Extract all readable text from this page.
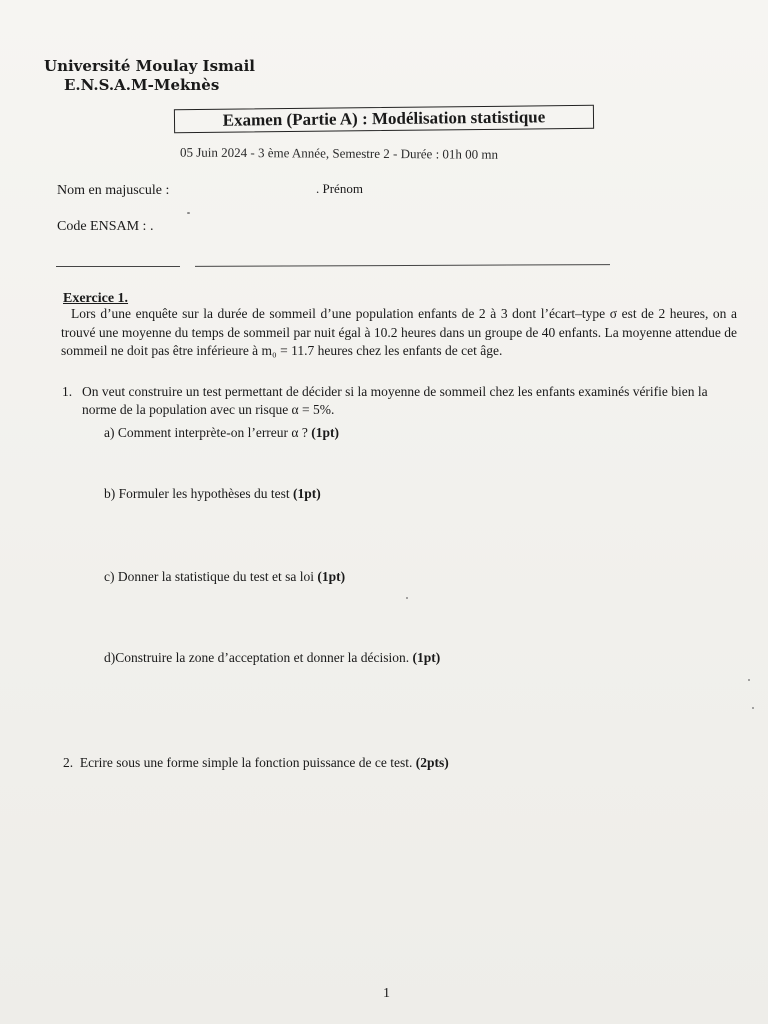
Université Moulay Ismail
E.N.S.A.M-Meknès
Examen (Partie A) : Modélisation statistique
05 Juin 2024 - 3 ème Année, Semestre 2 - Durée : 01h 00 mn
Nom en majuscule :	. Prénom
Code ENSAM : .
Exercice 1.
Lors d’une enquête sur la durée de sommeil d’une population enfants de 2 à 3 dont l’écart–type σ est de 2 heures, on a trouvé une moyenne du temps de sommeil par nuit égal à 10.2 heures dans un groupe de 40 enfants. La moyenne attendue de sommeil ne doit pas être inférieure à m₀ = 11.7 heures chez les enfants de cet âge.
1. On veut construire un test permettant de décider si la moyenne de sommeil chez les enfants examinés vérifie bien la norme de la population avec un risque α = 5%.
a) Comment interprète-on l’erreur α ? (1pt)
b) Formuler les hypothèses du test (1pt)
c) Donner la statistique du test et sa loi (1pt)
d)Construire la zone d’acceptation et donner la décision. (1pt)
2. Ecrire sous une forme simple la fonction puissance de ce test. (2pts)
1
